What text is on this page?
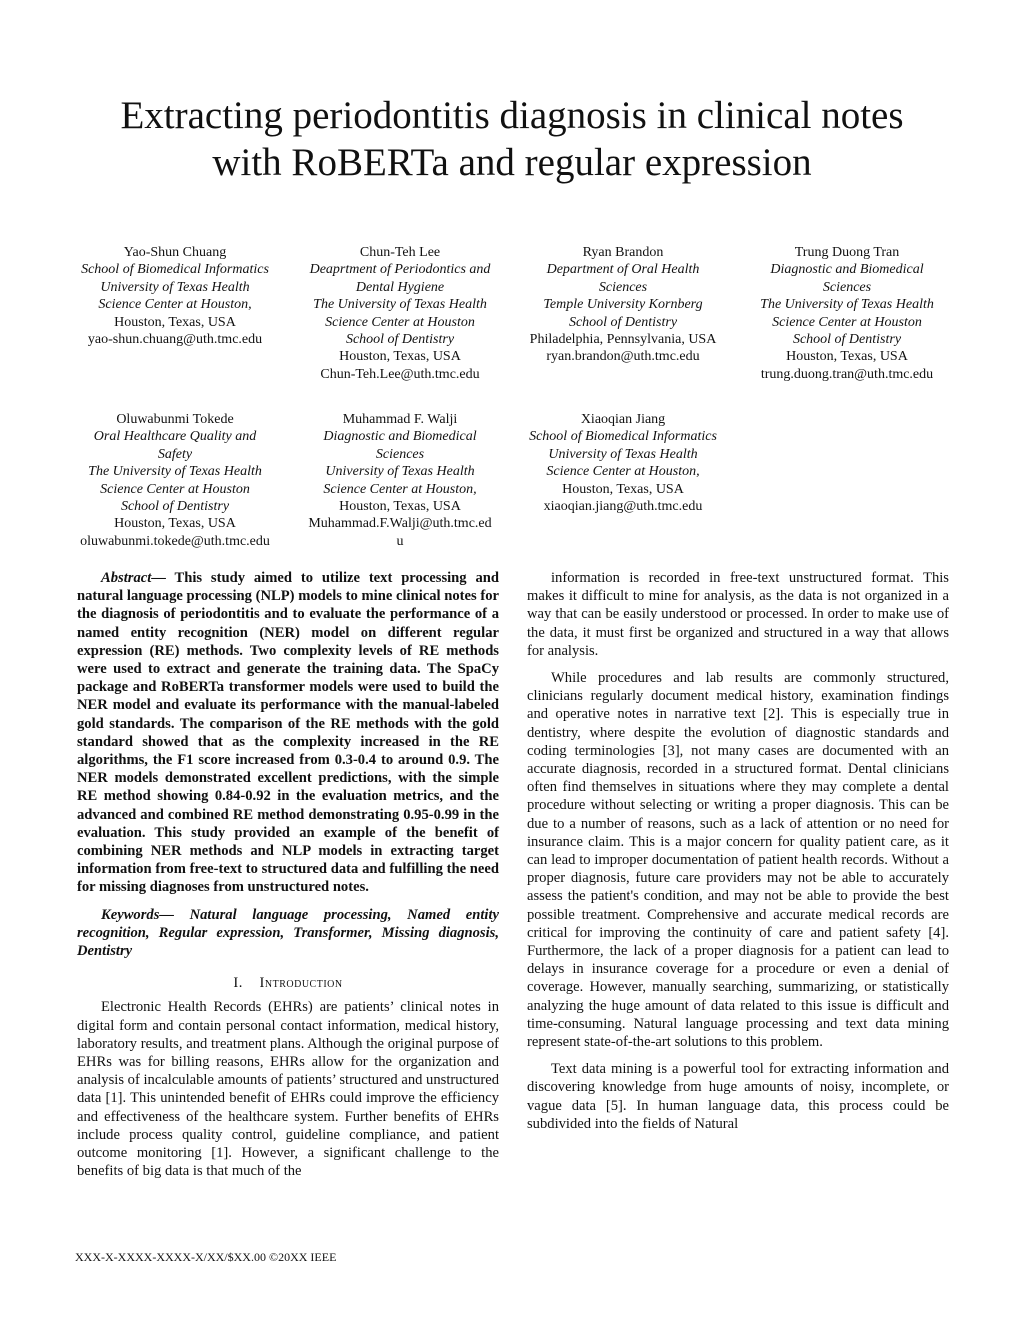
Extracting periodontitis diagnosis in clinical notes
with RoBERTa and regular expression
Yao-Shun Chuang
School of Biomedical Informatics
University of Texas Health
Science Center at Houston,
Houston, Texas, USA
yao-shun.chuang@uth.tmc.edu
Chun-Teh Lee
Deaprtment of Periodontics and
Dental Hygiene
The University of Texas Health
Science Center at Houston
School of Dentistry
Houston, Texas, USA
Chun-Teh.Lee@uth.tmc.edu
Ryan Brandon
Department of Oral Health
Sciences
Temple University Kornberg
School of Dentistry
Philadelphia, Pennsylvania, USA
ryan.brandon@uth.tmc.edu
Trung Duong Tran
Diagnostic and Biomedical
Sciences
The University of Texas Health
Science Center at Houston
School of Dentistry
Houston, Texas, USA
trung.duong.tran@uth.tmc.edu
Oluwabunmi Tokede
Oral Healthcare Quality and
Safety
The University of Texas Health
Science Center at Houston
School of Dentistry
Houston, Texas, USA
oluwabunmi.tokede@uth.tmc.edu
Muhammad F. Walji
Diagnostic and Biomedical
Sciences
University of Texas Health
Science Center at Houston,
Houston, Texas, USA
Muhammad.F.Walji@uth.tmc.ed
u
Xiaoqian Jiang
School of Biomedical Informatics
University of Texas Health
Science Center at Houston,
Houston, Texas, USA
xiaoqian.jiang@uth.tmc.edu

Abstract— This study aimed to utilize text processing and natural language processing (NLP) models to mine clinical notes for the diagnosis of periodontitis and to evaluate the performance of a named entity recognition (NER) model on different regular expression (RE) methods. Two complexity levels of RE methods were used to extract and generate the training data. The SpaCy package and RoBERTa transformer models were used to build the NER model and evaluate its performance with the manual-labeled gold standards. The comparison of the RE methods with the gold standard showed that as the complexity increased in the RE algorithms, the F1 score increased from 0.3-0.4 to around 0.9. The NER models demonstrated excellent predictions, with the simple RE method showing 0.84-0.92 in the evaluation metrics, and the advanced and combined RE method demonstrating 0.95-0.99 in the evaluation. This study provided an example of the benefit of combining NER methods and NLP models in extracting target information from free-text to structured data and fulfilling the need for missing diagnoses from unstructured notes.

Keywords— Natural language processing, Named entity recognition, Regular expression, Transformer, Missing diagnosis, Dentistry

I. Introduction

Electronic Health Records (EHRs) are patients’ clinical notes in digital form and contain personal contact information, medical history, laboratory results, and treatment plans. Although the original purpose of EHRs was for billing reasons, EHRs allow for the organization and analysis of incalculable amounts of patients’ structured and unstructured data [1]. This unintended benefit of EHRs could improve the efficiency and effectiveness of the healthcare system. Further benefits of EHRs include process quality control, guideline compliance, and patient outcome monitoring [1]. However, a significant challenge to the benefits of big data is that much of the

information is recorded in free-text unstructured format. This makes it difficult to mine for analysis, as the data is not organized in a way that can be easily understood or processed. In order to make use of the data, it must first be organized and structured in a way that allows for analysis.

While procedures and lab results are commonly structured, clinicians regularly document medical history, examination findings and operative notes in narrative text [2]. This is especially true in dentistry, where despite the evolution of diagnostic standards and coding terminologies [3], not many cases are documented with an accurate diagnosis, recorded in a structured format. Dental clinicians often find themselves in situations where they may complete a dental procedure without selecting or writing a proper diagnosis. This can be due to a number of reasons, such as a lack of attention or no need for insurance claim. This is a major concern for quality patient care, as it can lead to improper documentation of patient health records. Without a proper diagnosis, future care providers may not be able to accurately assess the patient's condition, and may not be able to provide the best possible treatment. Comprehensive and accurate medical records are critical for improving the continuity of care and patient safety [4]. Furthermore, the lack of a proper diagnosis for a patient can lead to delays in insurance coverage for a procedure or even a denial of coverage. However, manually searching, summarizing, or statistically analyzing the huge amount of data related to this issue is difficult and time-consuming. Natural language processing and text data mining represent state-of-the-art solutions to this problem.

Text data mining is a powerful tool for extracting information and discovering knowledge from huge amounts of noisy, incomplete, or vague data [5]. In human language data, this process could be subdivided into the fields of Natural

XXX-X-XXXX-XXXX-X/XX/$XX.00 ©20XX IEEE
